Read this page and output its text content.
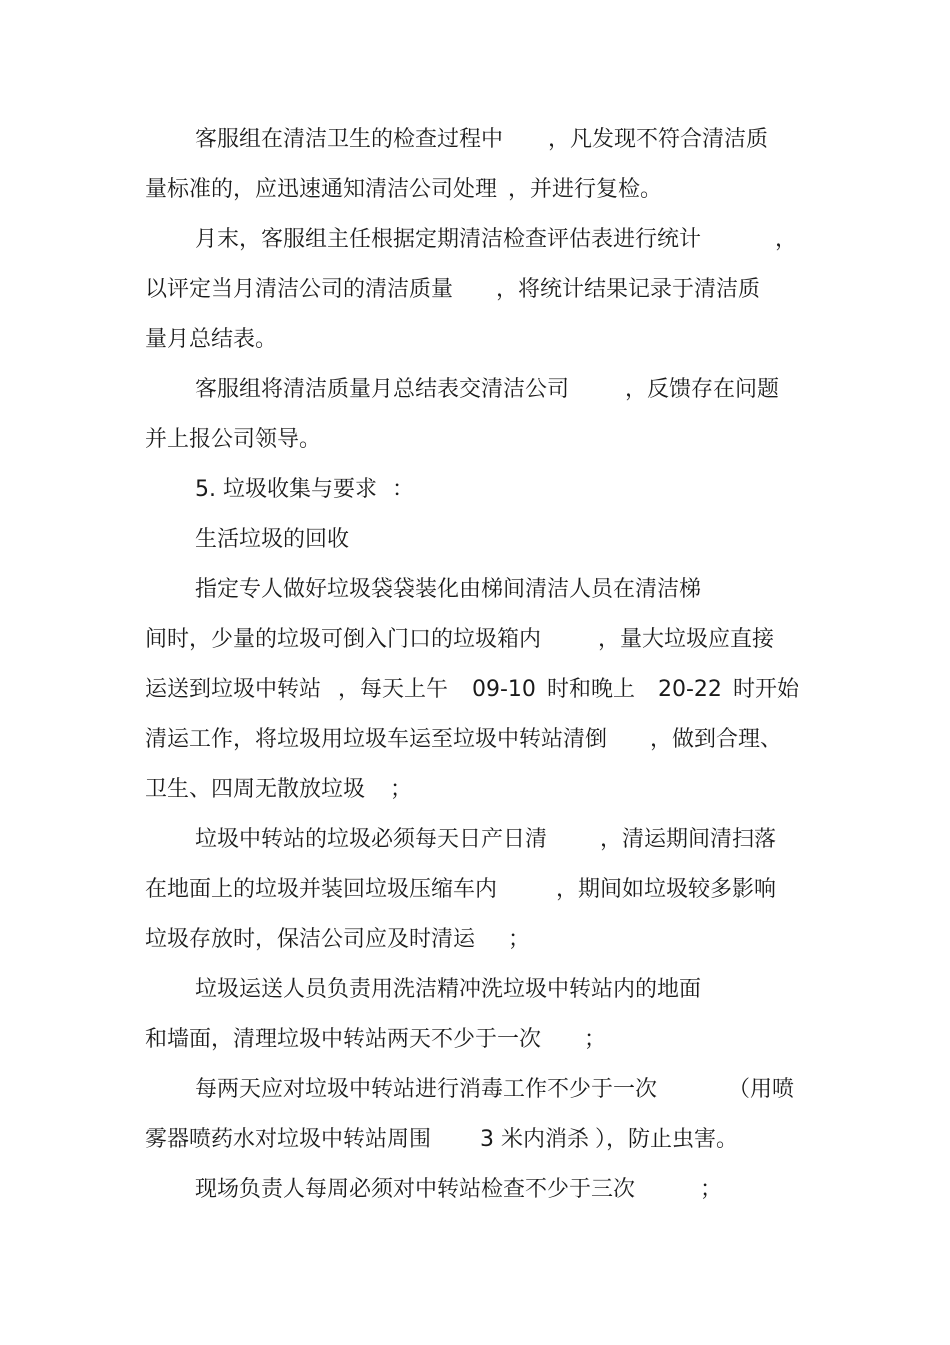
客服组在清洁卫生的检查过程中 ，凡发现不符合清洁质
量标准的，应迅速通知清洁公司处理 ，并进行复检。
月末，客服组主任根据定期清洁检查评估表进行统计	，
以评定当月清洁公司的清洁质量 ，将统计结果记录于清洁质
量月总结表。
客服组将清洁质量月总结表交清洁公司	，反馈存在问题
并上报公司领导。
5. 垃圾收集与要求 ：
生活垃圾的回收
指定专人做好垃圾袋袋装化由梯间清洁人员在清洁梯
间时，少量的垃圾可倒入门口的垃圾箱内	，量大垃圾应直接
运送到垃圾中转站 ，每天上午 09-10 时和晚上 20-22 时开始
清运工作，将垃圾用垃圾车运至垃圾中转站清倒 ，做到合理、
卫生、四周无散放垃圾 ；
垃圾中转站的垃圾必须每天日产日清 ，清运期间清扫落
在地面上的垃圾并装回垃圾压缩车内	，期间如垃圾较多影响
垃圾存放时，保洁公司应及时清运 ；
垃圾运送人员负责用洗洁精冲洗垃圾中转站内的地面
和墙面，清理垃圾中转站两天不少于一次 ；
每两天应对垃圾中转站进行消毒工作不少于一次	（用喷
雾器喷药水对垃圾中转站周围 3 米内消杀 ），防止虫害。
现场负责人每周必须对中转站检查不少于三次	；
